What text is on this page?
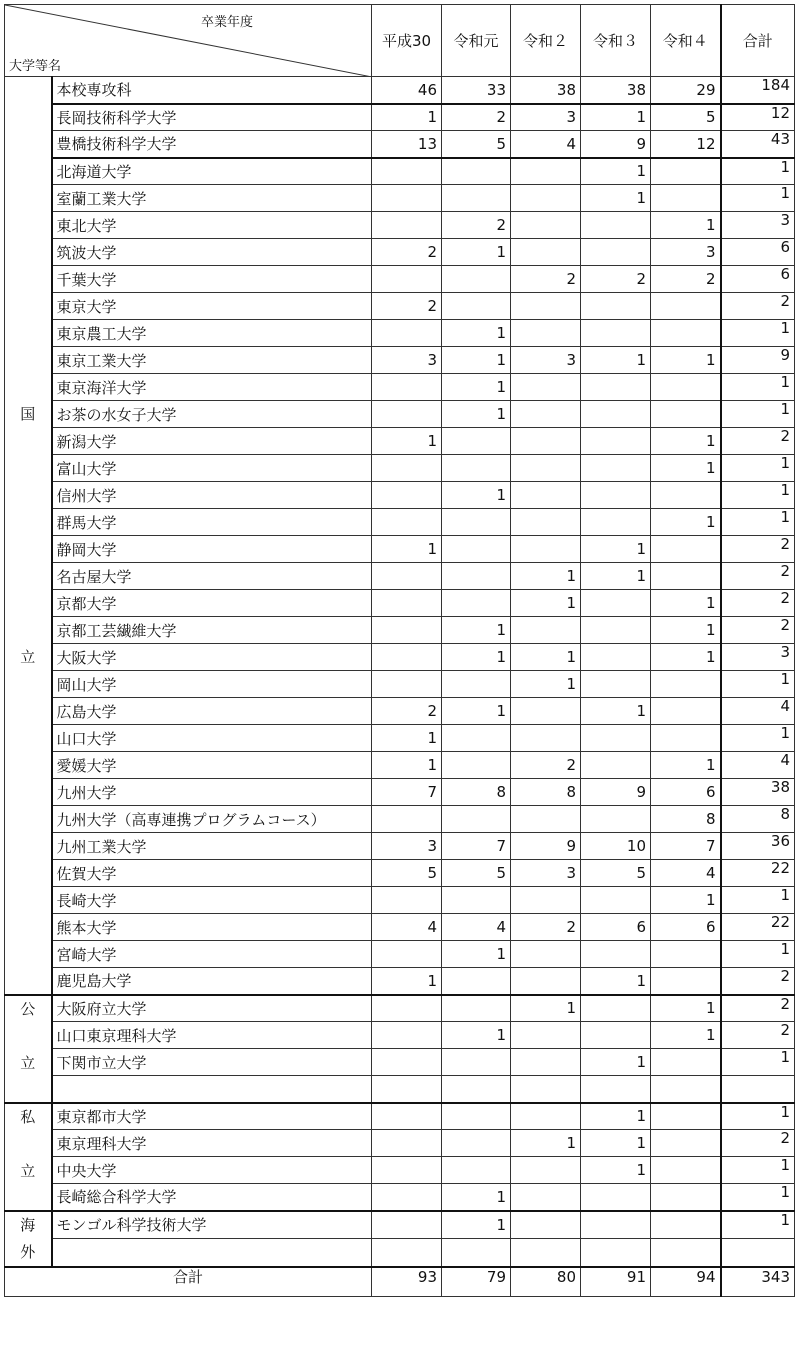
卒業年度
大学等名		平成30	令和元	令和２	令和３	令和４	合計

国
立	本校専攻科	46	33	38	38	29	184
	長岡技術科学大学	1	2	3	1	5	12
	豊橋技術科学大学	13	5	4	9	12	43
	北海道大学				1		1
	室蘭工業大学				1		1
	東北大学		2			1	3
	筑波大学	2	1			3	6
	千葉大学			2	2	2	6
	東京大学	2					2
	東京農工大学		1				1
	東京工業大学	3	1	3	1	1	9
	東京海洋大学		1				1
	お茶の水女子大学		1				1
	新潟大学	1				1	2
	富山大学					1	1
	信州大学		1				1
	群馬大学					1	1
	静岡大学	1			1		2
	名古屋大学			1	1		2
	京都大学			1		1	2
	京都工芸繊維大学		1			1	2
	大阪大学		1	1		1	3
	岡山大学			1			1
	広島大学	2	1		1		4
	山口大学	1					1
	愛媛大学	1		2		1	4
	九州大学	7	8	8	9	6	38
	九州大学（高専連携プログラムコース）					8	8
	九州工業大学	3	7	9	10	7	36
	佐賀大学	5	5	3	5	4	22
	長崎大学					1	1
	熊本大学	4	4	2	6	6	22
	宮崎大学		1				1
	鹿児島大学	1			1		2

公
立	大阪府立大学			1		1	2
	山口東京理科大学		1			1	2
	下関市立大学				1		1

私
立	東京都市大学				1		1
	東京理科大学			1	1		2
	中央大学				1		1
	長崎総合科学大学		1				1

海
外	モンゴル科学技術大学		1				1

合計		93	79	80	91	94	343
